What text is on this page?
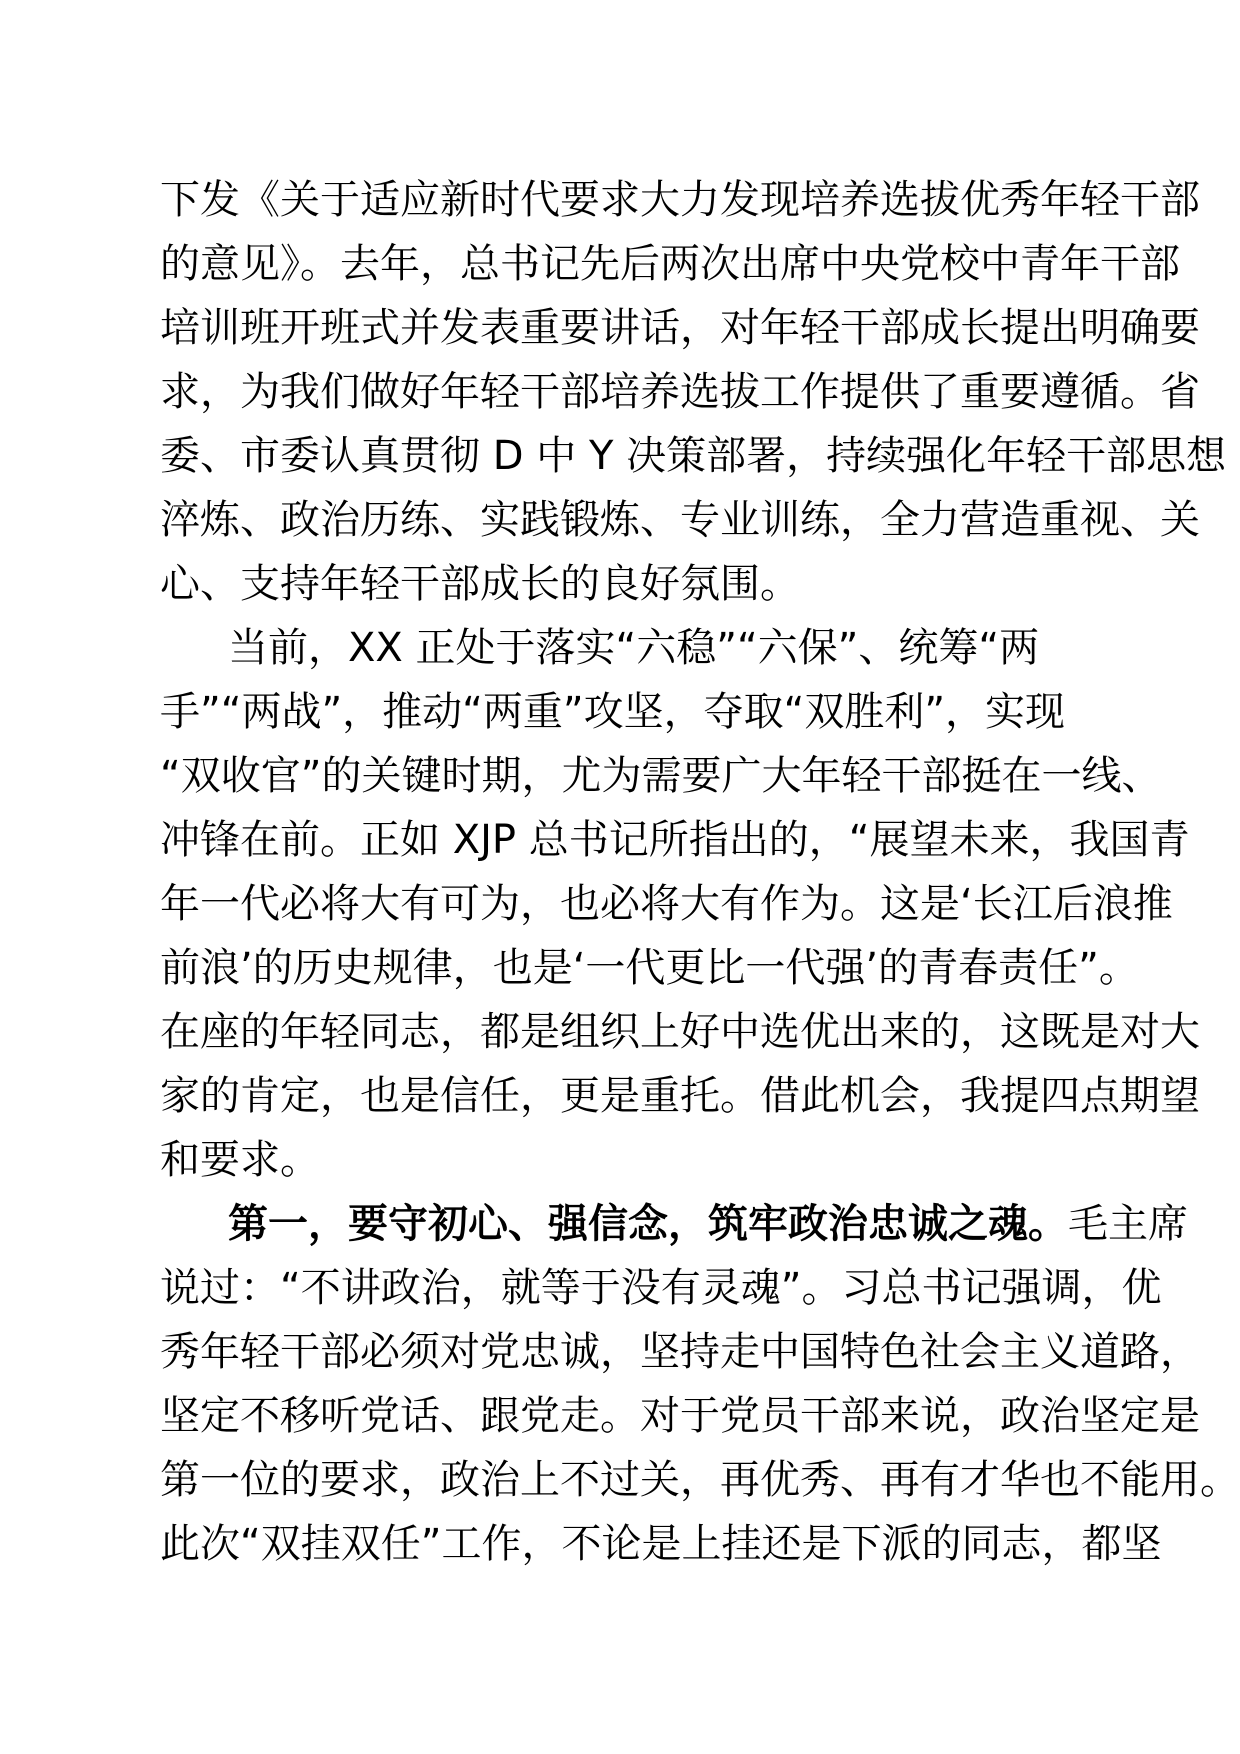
下发《关于适应新时代要求大力发现培养选拔优秀年轻干部
的意见》。去年，总书记先后两次出席中央党校中青年干部
培训班开班式并发表重要讲话，对年轻干部成长提出明确要
求，为我们做好年轻干部培养选拔工作提供了重要遵循。省
委、市委认真贯彻 D 中 Y 决策部署，持续强化年轻干部思想
淬炼、政治历练、实践锻炼、专业训练，全力营造重视、关
心、支持年轻干部成长的良好氛围。
当前，XX 正处于落实“六稳”“六保”、统筹“两
手”“两战”，推动“两重”攻坚，夺取“双胜利”，实现
“双收官”的关键时期，尤为需要广大年轻干部挺在一线、
冲锋在前。正如 XJP 总书记所指出的，“展望未来，我国青
年一代必将大有可为，也必将大有作为。这是‘长江后浪推
前浪’的历史规律，也是‘一代更比一代强’的青春责任”。
在座的年轻同志，都是组织上好中选优出来的，这既是对大
家的肯定，也是信任，更是重托。借此机会，我提四点期望
和要求。
第一，要守初心、强信念，筑牢政治忠诚之魂。毛主席
说过：“不讲政治，就等于没有灵魂”。习总书记强调，优
秀年轻干部必须对党忠诚，坚持走中国特色社会主义道路，
坚定不移听党话、跟党走。对于党员干部来说，政治坚定是
第一位的要求，政治上不过关，再优秀、再有才华也不能用。
此次“双挂双任”工作，不论是上挂还是下派的同志，都坚
